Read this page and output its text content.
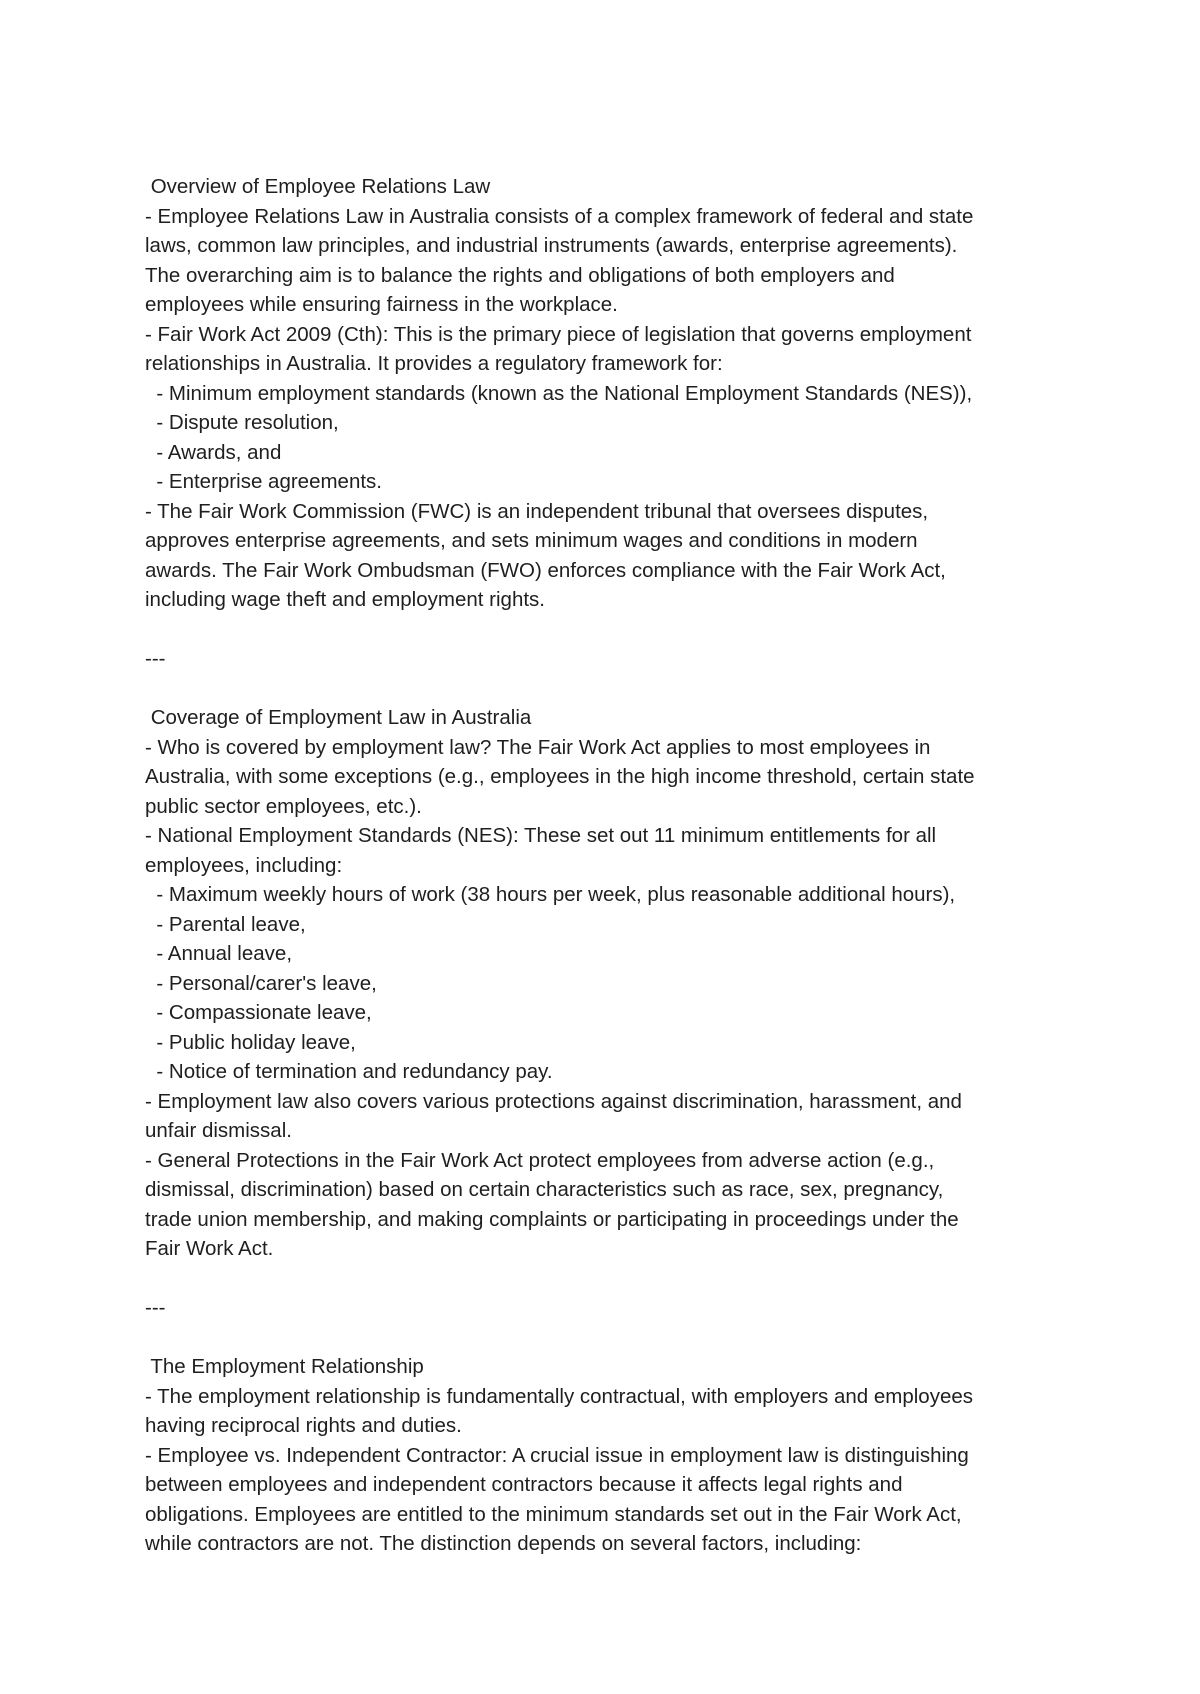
Overview of Employee Relations Law
- Employee Relations Law in Australia consists of a complex framework of federal and state
laws, common law principles, and industrial instruments (awards, enterprise agreements).
The overarching aim is to balance the rights and obligations of both employers and
employees while ensuring fairness in the workplace.
- Fair Work Act 2009 (Cth): This is the primary piece of legislation that governs employment
relationships in Australia. It provides a regulatory framework for:
- Minimum employment standards (known as the National Employment Standards (NES)),
- Dispute resolution,
- Awards, and
- Enterprise agreements.
- The Fair Work Commission (FWC) is an independent tribunal that oversees disputes,
approves enterprise agreements, and sets minimum wages and conditions in modern
awards. The Fair Work Ombudsman (FWO) enforces compliance with the Fair Work Act,
including wage theft and employment rights.
---
Coverage of Employment Law in Australia
- Who is covered by employment law? The Fair Work Act applies to most employees in
Australia, with some exceptions (e.g., employees in the high income threshold, certain state
public sector employees, etc.).
- National Employment Standards (NES): These set out 11 minimum entitlements for all
employees, including:
- Maximum weekly hours of work (38 hours per week, plus reasonable additional hours),
- Parental leave,
- Annual leave,
- Personal/carer's leave,
- Compassionate leave,
- Public holiday leave,
- Notice of termination and redundancy pay.
- Employment law also covers various protections against discrimination, harassment, and
unfair dismissal.
- General Protections in the Fair Work Act protect employees from adverse action (e.g.,
dismissal, discrimination) based on certain characteristics such as race, sex, pregnancy,
trade union membership, and making complaints or participating in proceedings under the
Fair Work Act.
---
The Employment Relationship
- The employment relationship is fundamentally contractual, with employers and employees
having reciprocal rights and duties.
- Employee vs. Independent Contractor: A crucial issue in employment law is distinguishing
between employees and independent contractors because it affects legal rights and
obligations. Employees are entitled to the minimum standards set out in the Fair Work Act,
while contractors are not. The distinction depends on several factors, including:
